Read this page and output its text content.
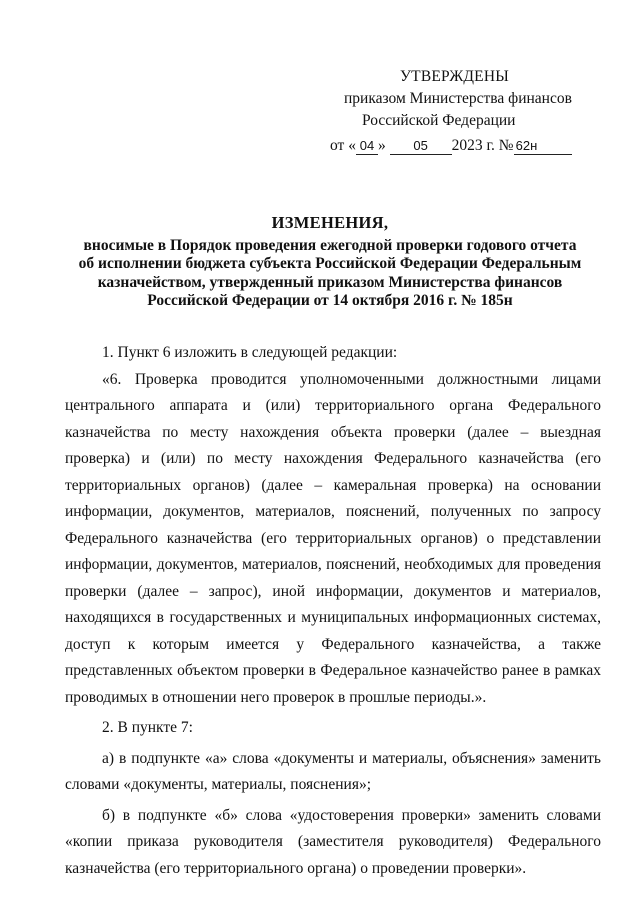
УТВЕРЖДЕНЫ
приказом Министерства финансов
Российской Федерации
от « 04 » 05 2023 г. № 62н
ИЗМЕНЕНИЯ,
вносимые в Порядок проведения ежегодной проверки годового отчета
об исполнении бюджета субъекта Российской Федерации Федеральным
казначейством, утвержденный приказом Министерства финансов
Российской Федерации от 14 октября 2016 г. № 185н

1. Пункт 6 изложить в следующей редакции:

«6. Проверка проводится уполномоченными должностными лицами центрального аппарата и (или) территориального органа Федерального казначейства по месту нахождения объекта проверки (далее – выездная проверка) и (или) по месту нахождения Федерального казначейства (его территориальных органов) (далее – камеральная проверка) на основании информации, документов, материалов, пояснений, полученных по запросу Федерального казначейства (его территориальных органов) о представлении информации, документов, материалов, пояснений, необходимых для проведения проверки (далее – запрос), иной информации, документов и материалов, находящихся в государственных и муниципальных информационных системах, доступ к которым имеется у Федерального казначейства, а также представленных объектом проверки в Федеральное казначейство ранее в рамках проводимых в отношении него проверок в прошлые периоды.».

2. В пункте 7:

а) в подпункте «а» слова «документы и материалы, объяснения» заменить словами «документы, материалы, пояснения»;

б) в подпункте «б» слова «удостоверения проверки» заменить словами «копии приказа руководителя (заместителя руководителя) Федерального казначейства (его территориального органа) о проведении проверки».
